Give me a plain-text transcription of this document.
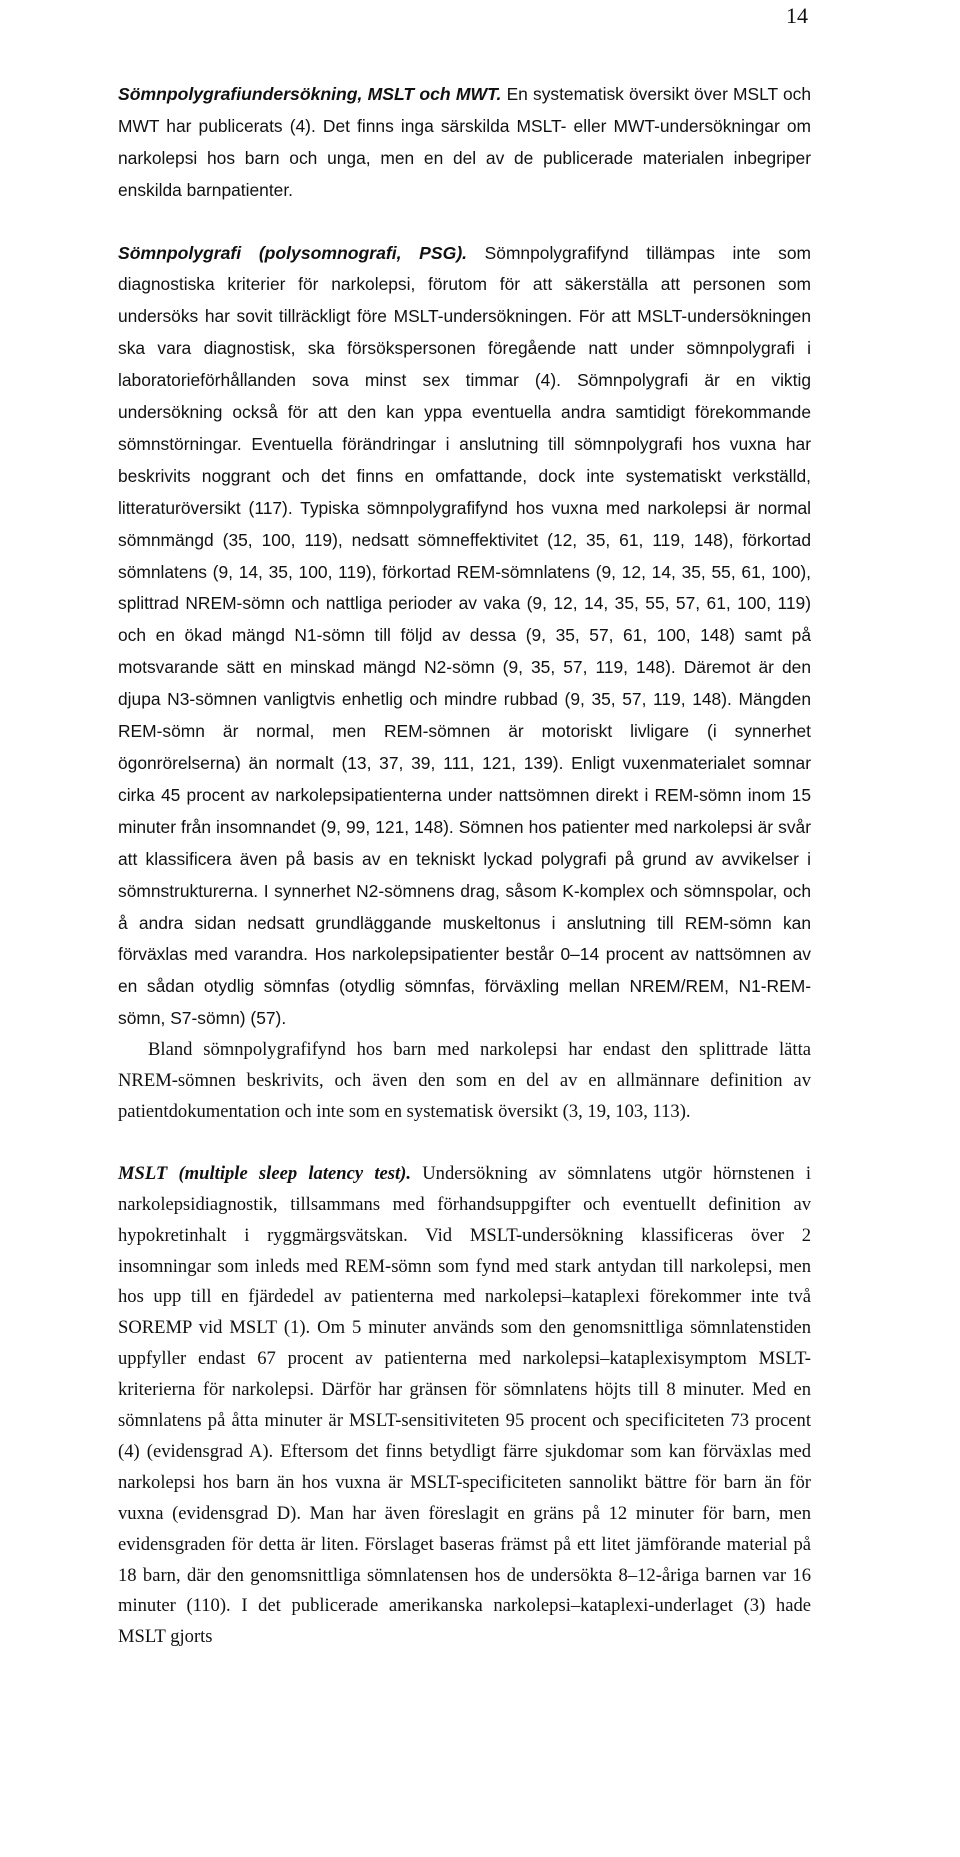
14

Sömnpolygrafiundersökning, MSLT och MWT. En systematisk översikt över MSLT och MWT har publicerats (4). Det finns inga särskilda MSLT- eller MWT-undersökningar om narkolepsi hos barn och unga, men en del av de publicerade materialen inbegriper enskilda barnpatienter.

Sömnpolygrafi (polysomnografi, PSG). Sömnpolygrafifynd tillämpas inte som diagnostiska kriterier för narkolepsi, förutom för att säkerställa att personen som undersöks har sovit tillräckligt före MSLT-undersökningen. För att MSLT-undersökningen ska vara diagnostisk, ska försökspersonen föregående natt under sömnpolygrafi i laboratorieförhållanden sova minst sex timmar (4). Sömnpolygrafi är en viktig undersökning också för att den kan yppa eventuella andra samtidigt förekommande sömnstörningar. Eventuella förändringar i anslutning till sömnpolygrafi hos vuxna har beskrivits noggrant och det finns en omfattande, dock inte systematiskt verkställd, litteraturöversikt (117). Typiska sömnpolygrafifynd hos vuxna med narkolepsi är normal sömnmängd (35, 100, 119), nedsatt sömneffektivitet (12, 35, 61, 119, 148), förkortad sömnlatens (9, 14, 35, 100, 119), förkortad REM-sömnlatens (9, 12, 14, 35, 55, 61, 100), splittrad NREM-sömn och nattliga perioder av vaka (9, 12, 14, 35, 55, 57, 61, 100, 119) och en ökad mängd N1-sömn till följd av dessa (9, 35, 57, 61, 100, 148) samt på motsvarande sätt en minskad mängd N2-sömn (9, 35, 57, 119, 148). Däremot är den djupa N3-sömnen vanligtvis enhetlig och mindre rubbad (9, 35, 57, 119, 148). Mängden REM-sömn är normal, men REM-sömnen är motoriskt livligare (i synnerhet ögonrörelserna) än normalt (13, 37, 39, 111, 121, 139). Enligt vuxenmaterialet somnar cirka 45 procent av narkolepsipatienterna under nattsömnen direkt i REM-sömn inom 15 minuter från insomnandet (9, 99, 121, 148). Sömnen hos patienter med narkolepsi är svår att klassificera även på basis av en tekniskt lyckad polygrafi på grund av avvikelser i sömnstrukturerna. I synnerhet N2-sömnens drag, såsom K-komplex och sömnspolar, och å andra sidan nedsatt grundläggande muskeltonus i anslutning till REM-sömn kan förväxlas med varandra. Hos narkolepsipatienter består 0–14 procent av nattsömnen av en sådan otydlig sömnfas (otydlig sömnfas, förväxling mellan NREM/REM, N1-REM-sömn, S7-sömn) (57).

Bland sömnpolygrafifynd hos barn med narkolepsi har endast den splittrade lätta NREM-sömnen beskrivits, och även den som en del av en allmännare definition av patientdokumentation och inte som en systematisk översikt (3, 19, 103, 113).

MSLT (multiple sleep latency test). Undersökning av sömnlatens utgör hörnstenen i narkolepsidiagnostik, tillsammans med förhandsuppgifter och eventuellt definition av hypokretinhalt i ryggmärgsvätskan. Vid MSLT-undersökning klassificeras över 2 insomningar som inleds med REM-sömn som fynd med stark antydan till narkolepsi, men hos upp till en fjärdedel av patienterna med narkolepsi–kataplexi förekommer inte två SOREMP vid MSLT (1). Om 5 minuter används som den genomsnittliga sömnlatenstiden uppfyller endast 67 procent av patienterna med narkolepsi–kataplexisymptom MSLT-kriterierna för narkolepsi. Därför har gränsen för sömnlatens höjts till 8 minuter. Med en sömnlatens på åtta minuter är MSLT-sensitiviteten 95 procent och specificiteten 73 procent (4) (evidensgrad A). Eftersom det finns betydligt färre sjukdomar som kan förväxlas med narkolepsi hos barn än hos vuxna är MSLT-specificiteten sannolikt bättre för barn än för vuxna (evidensgrad D). Man har även föreslagit en gräns på 12 minuter för barn, men evidensgraden för detta är liten. Förslaget baseras främst på ett litet jämförande material på 18 barn, där den genomsnittliga sömnlatensen hos de undersökta 8–12-åriga barnen var 16 minuter (110). I det publicerade amerikanska narkolepsi–kataplexi-underlaget (3) hade MSLT gjorts
